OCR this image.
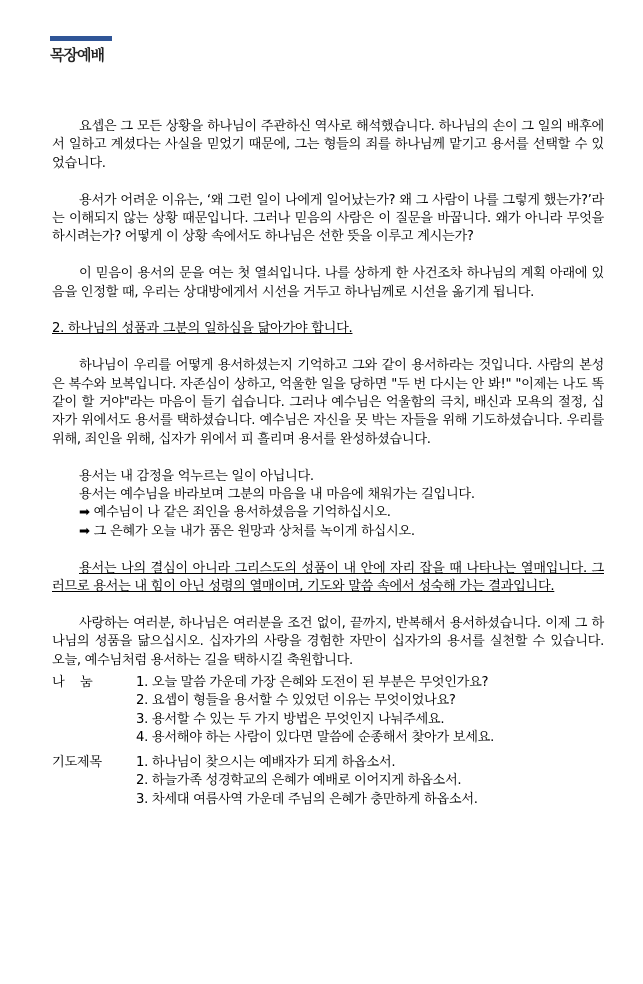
목장예배

요셉은 그 모든 상황을 하나님이 주관하신 역사로 해석했습니다. 하나님의 손이 그 일의 배후에서 일하고 계셨다는 사실을 믿었기 때문에, 그는 형들의 죄를 하나님께 맡기고 용서를 선택할 수 있었습니다.

용서가 어려운 이유는, ‘왜 그런 일이 나에게 일어났는가? 왜 그 사람이 나를 그렇게 했는가?’라는 이해되지 않는 상황 때문입니다. 그러나 믿음의 사람은 이 질문을 바꿉니다. 왜가 아니라 무엇을 하시려는가? 어떻게 이 상황 속에서도 하나님은 선한 뜻을 이루고 계시는가?

이 믿음이 용서의 문을 여는 첫 열쇠입니다. 나를 상하게 한 사건조차 하나님의 계획 아래에 있음을 인정할 때, 우리는 상대방에게서 시선을 거두고 하나님께로 시선을 옮기게 됩니다.

2. 하나님의 성품과 그분의 일하심을 닮아가야 합니다.

하나님이 우리를 어떻게 용서하셨는지 기억하고 그와 같이 용서하라는 것입니다. 사람의 본성은 복수와 보복입니다. 자존심이 상하고, 억울한 일을 당하면 "두 번 다시는 안 봐!" "이제는 나도 똑같이 할 거야"라는 마음이 들기 쉽습니다. 그러나 예수님은 억울함의 극치, 배신과 모욕의 절정, 십자가 위에서도 용서를 택하셨습니다. 예수님은 자신을 못 박는 자들을 위해 기도하셨습니다. 우리를 위해, 죄인을 위해, 십자가 위에서 피 흘리며 용서를 완성하셨습니다.

용서는 내 감정을 억누르는 일이 아닙니다.
용서는 예수님을 바라보며 그분의 마음을 내 마음에 채워가는 길입니다.
➡ 예수님이 나 같은 죄인을 용서하셨음을 기억하십시오.
➡ 그 은혜가 오늘 내가 품은 원망과 상처를 녹이게 하십시오.

용서는 나의 결심이 아니라 그리스도의 성품이 내 안에 자리 잡을 때 나타나는 열매입니다. 그러므로 용서는 내 힘이 아닌 성령의 열매이며, 기도와 말씀 속에서 성숙해 가는 결과입니다.

사랑하는 여러분, 하나님은 여러분을 조건 없이, 끝까지, 반복해서 용서하셨습니다. 이제 그 하나님의 성품을 닮으십시오. 십자가의 사랑을 경험한 자만이 십자가의 용서를 실천할 수 있습니다. 오늘, 예수님처럼 용서하는 길을 택하시길 축원합니다.

나    눔	1. 오늘 말씀 가운데 가장 은혜와 도전이 된 부분은 무엇인가요?
2. 요셉이 형들을 용서할 수 있었던 이유는 무엇이었나요?
3. 용서할 수 있는 두 가지 방법은 무엇인지 나눠주세요.
4. 용서해야 하는 사람이 있다면 말씀에 순종해서 찾아가 보세요.
기도제목	1. 하나님이 찾으시는 예배자가 되게 하옵소서.
2. 하늘가족 성경학교의 은혜가 예배로 이어지게 하옵소서.
3. 차세대 여름사역 가운데 주님의 은혜가 충만하게 하옵소서.
